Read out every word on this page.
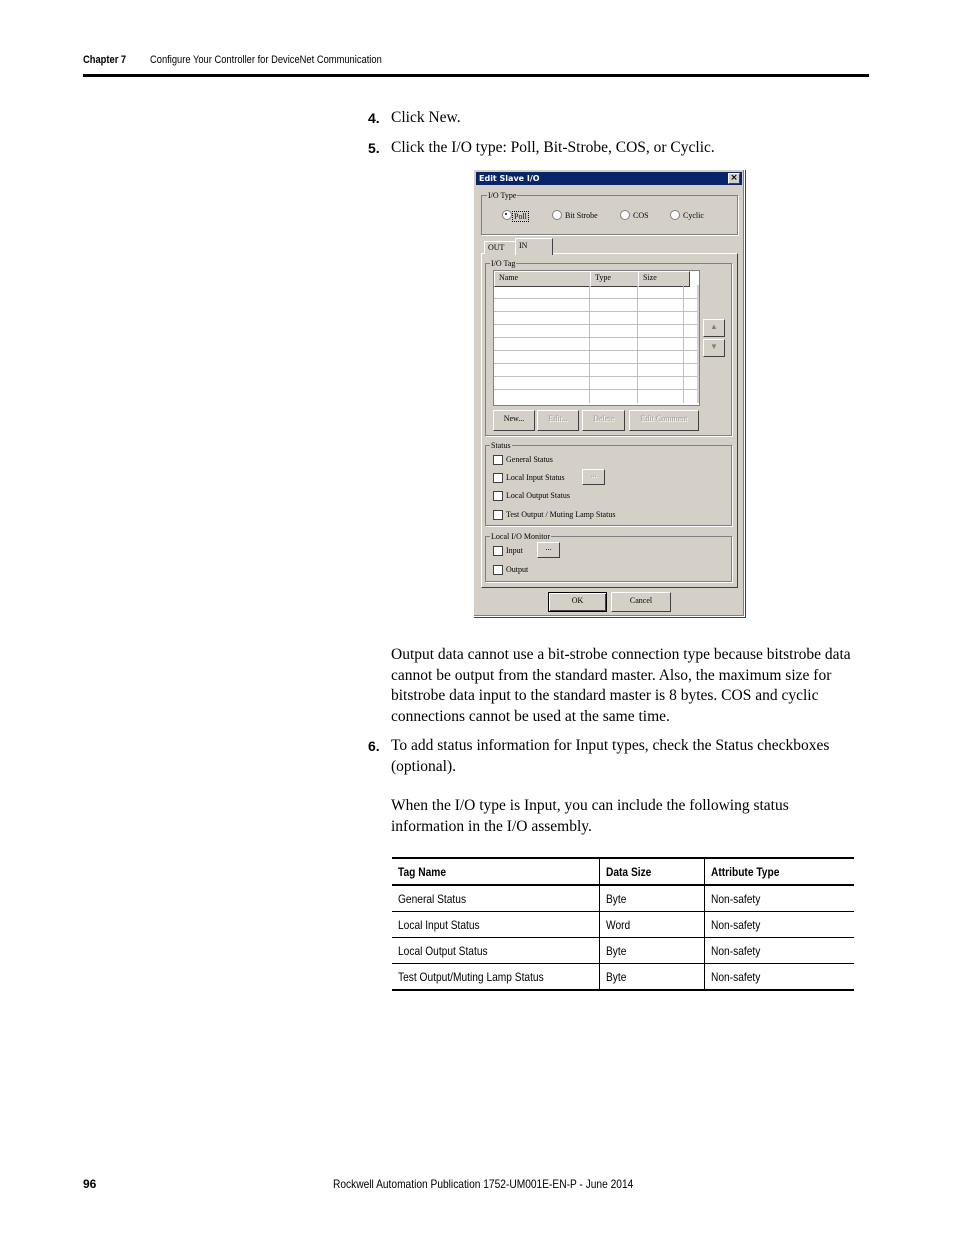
Chapter 7 Configure Your Controller for DeviceNet Communication
4. Click New.
5. Click the I/O type: Poll, Bit-Strobe, COS, or Cyclic.
Edit Slave I/O	×
I/O Type
Poll	Bit Strobe	COS	Cyclic
OUT	IN
I/O Tag
Name	Type	Size
▲
▼
New...	Edit...	Delete	Edit Comment
Status
General Status
Local Input Status	...
Local Output Status
Test Output / Muting Lamp Status
Local I/O Monitor
Input	...
Output
OK	Cancel
Output data cannot use a bit-strobe connection type because bitstrobe data cannot be output from the standard master. Also, the maximum size for bitstrobe data input to the standard master is 8 bytes. COS and cyclic connections cannot be used at the same time.
6. To add status information for Input types, check the Status checkboxes (optional).
When the I/O type is Input, you can include the following status information in the I/O assembly.
Tag Name	Data Size	Attribute Type
General Status	Byte	Non-safety
Local Input Status	Word	Non-safety
Local Output Status	Byte	Non-safety
Test Output/Muting Lamp Status	Byte	Non-safety
96	Rockwell Automation Publication 1752-UM001E-EN-P - June 2014
